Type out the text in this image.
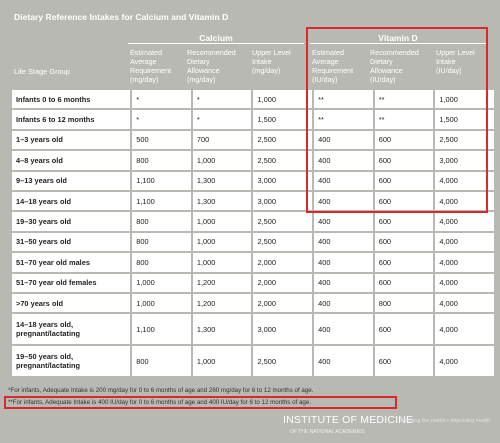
Dietary Reference Intakes for Calcium and Vitamin D
Calcium	Vitamin D
Life Stage Group
Estimated
Average
Requirement
(mg/day)
Recommended
Dietary
Allowance
(mg/day)
Upper Level
Intake
(mg/day)
Estimated
Average
Requirement
(IU/day)
Recommended
Dietary
Allowance
(IU/day)
Upper Level
Intake
(IU/day)
Infants 0 to 6 months	*	*	1,000	**	**	1,000
Infants 6 to 12 months	*	*	1,500	**	**	1,500
1–3 years old	500	700	2,500	400	600	2,500
4–8 years old	800	1,000	2,500	400	600	3,000
9–13 years old	1,100	1,300	3,000	400	600	4,000
14–18 years old	1,100	1,300	3,000	400	600	4,000
19–30 years old	800	1,000	2,500	400	600	4,000
31–50 years old	800	1,000	2,500	400	600	4,000
51–70 year old males	800	1,000	2,000	400	600	4,000
51–70 year old females	1,000	1,200	2,000	400	600	4,000
>70 years old	1,000	1,200	2,000	400	800	4,000
14–18 years old,
pregnant/lactating	1,100	1,300	3,000	400	600	4,000
19–50 years old,
pregnant/lactating	800	1,000	2,500	400	600	4,000
*For infants, Adequate Intake is 200 mg/day for 0 to 6 months of age and 260 mg/day for 6 to 12 months of age.
**For infants, Adequate Intake is 400 IU/day for 0 to 6 months of age and 400 IU/day for 6 to 12 months of age.
INSTITUTE OF MEDICINE
OF THE NATIONAL ACADEMIES
Advising the nation • Improving health
